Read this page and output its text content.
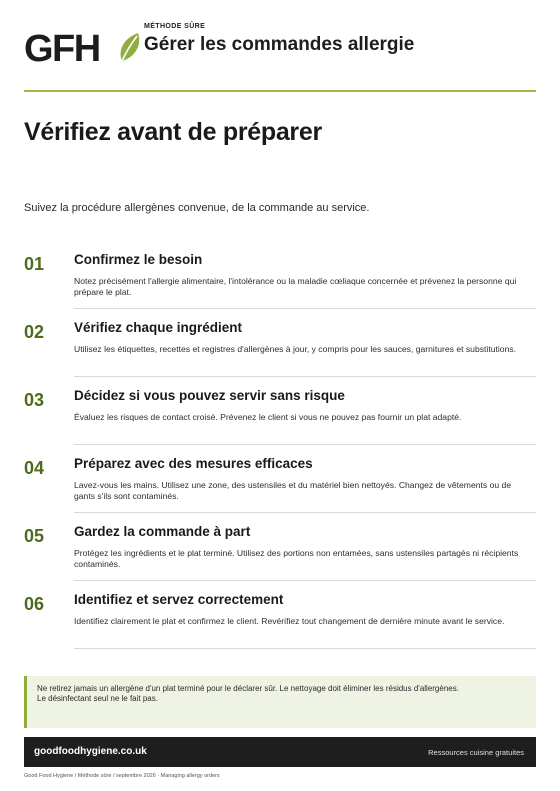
GFH
MÉTHODE SÛRE
Gérer les commandes allergie
Vérifiez avant de préparer

Suivez la procédure allergènes convenue, de la commande au service.

01 Confirmez le besoin
Notez précisément l'allergie alimentaire, l'intolérance ou la maladie cœliaque concernée et prévenez la personne qui prépare le plat.
02 Vérifiez chaque ingrédient
Utilisez les étiquettes, recettes et registres d'allergènes à jour, y compris pour les sauces, garnitures et substitutions.
03 Décidez si vous pouvez servir sans risque
Évaluez les risques de contact croisé. Prévenez le client si vous ne pouvez pas fournir un plat adapté.
04 Préparez avec des mesures efficaces
Lavez-vous les mains. Utilisez une zone, des ustensiles et du matériel bien nettoyés. Changez de vêtements ou de gants s'ils sont contaminés.
05 Gardez la commande à part
Protégez les ingrédients et le plat terminé. Utilisez des portions non entamées, sans ustensiles partagés ni récipients contaminés.
06 Identifiez et servez correctement
Identifiez clairement le plat et confirmez le client. Revérifiez tout changement de dernière minute avant le service.
Ne retirez jamais un allergène d'un plat terminé pour le déclarer sûr. Le nettoyage doit éliminer les résidus d'allergènes.
Le désinfectant seul ne le fait pas.
goodfoodhygiene.co.uk	Ressources cuisine gratuites
Good Food Hygiene / Méthode sûre / septembre 2026 · Managing allergy orders
